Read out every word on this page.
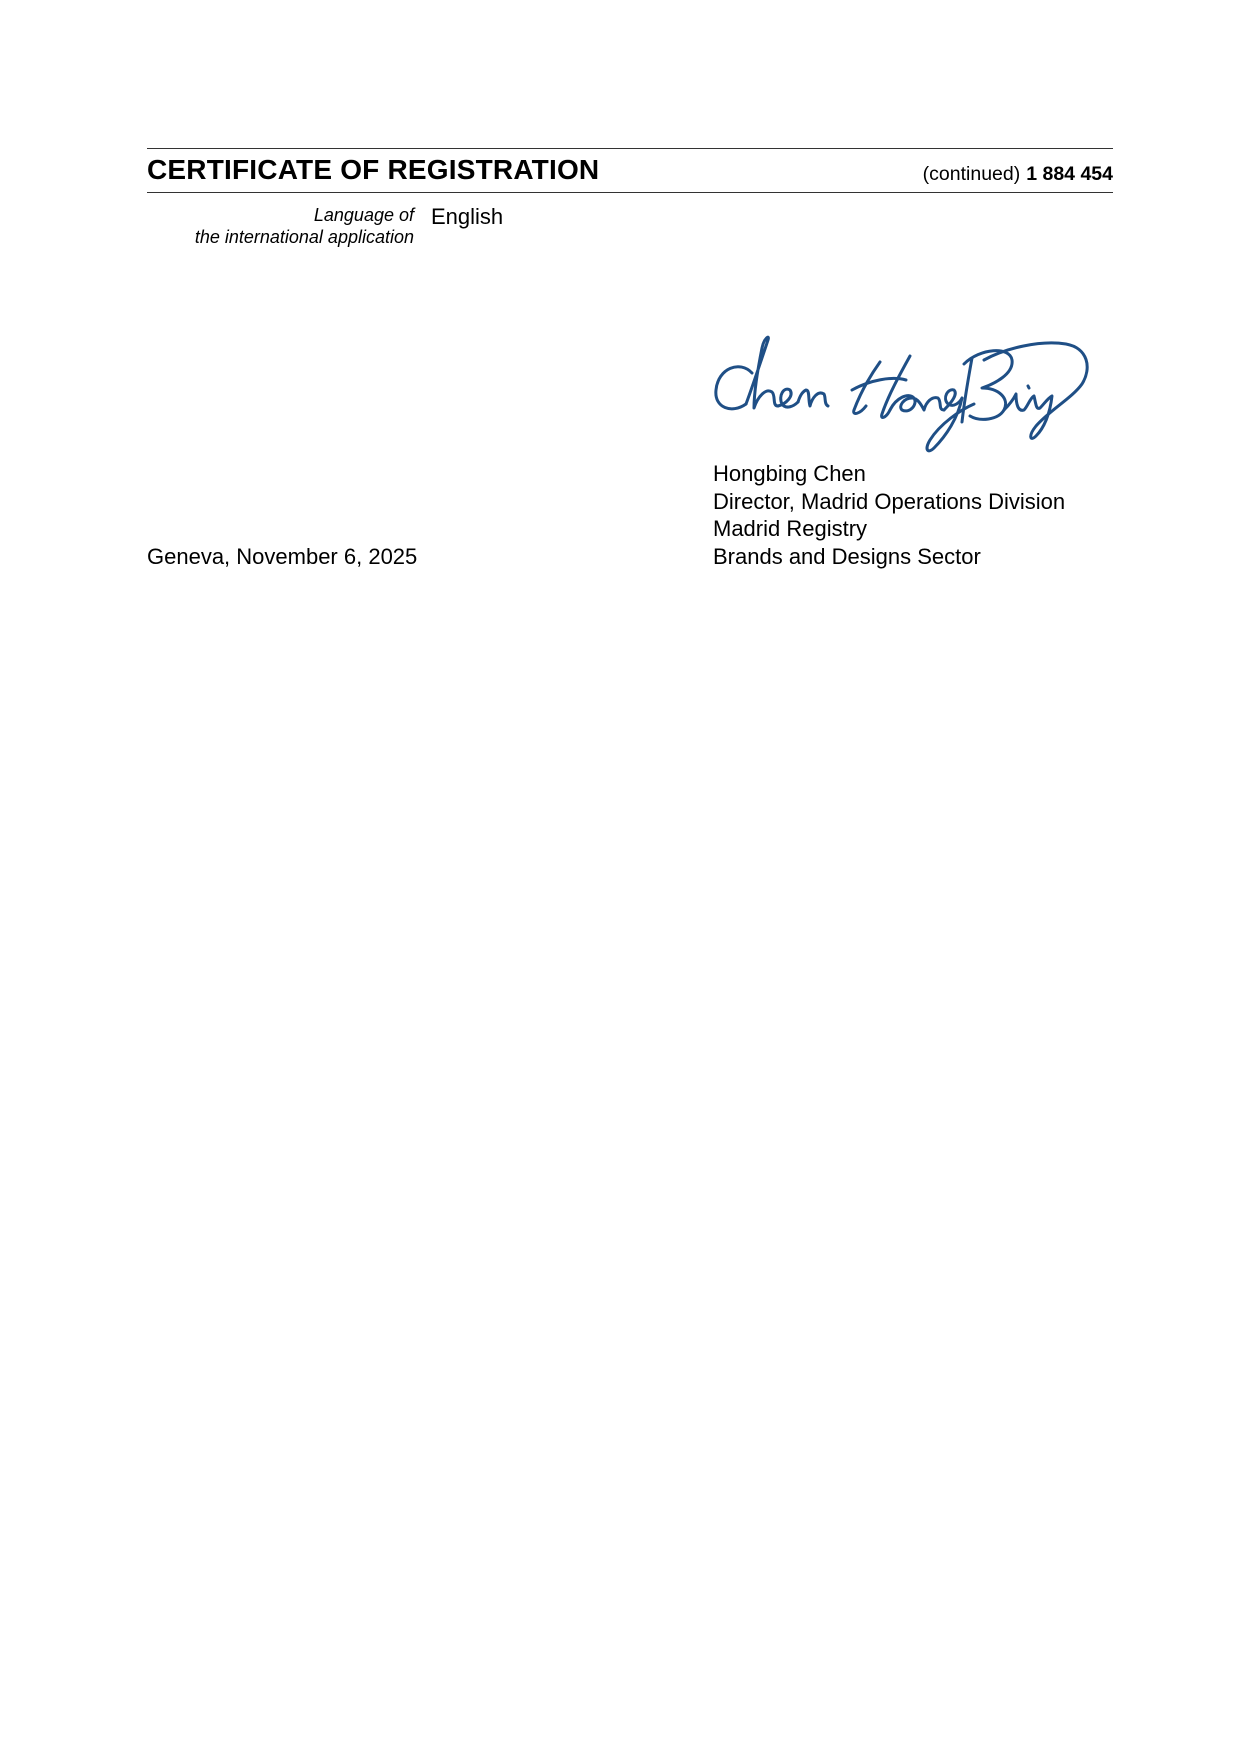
CERTIFICATE OF REGISTRATION	(continued) 1 884 454
Language of
the international application
English
Hongbing Chen
Director, Madrid Operations Division
Madrid Registry
Brands and Designs Sector
Geneva, November 6, 2025
